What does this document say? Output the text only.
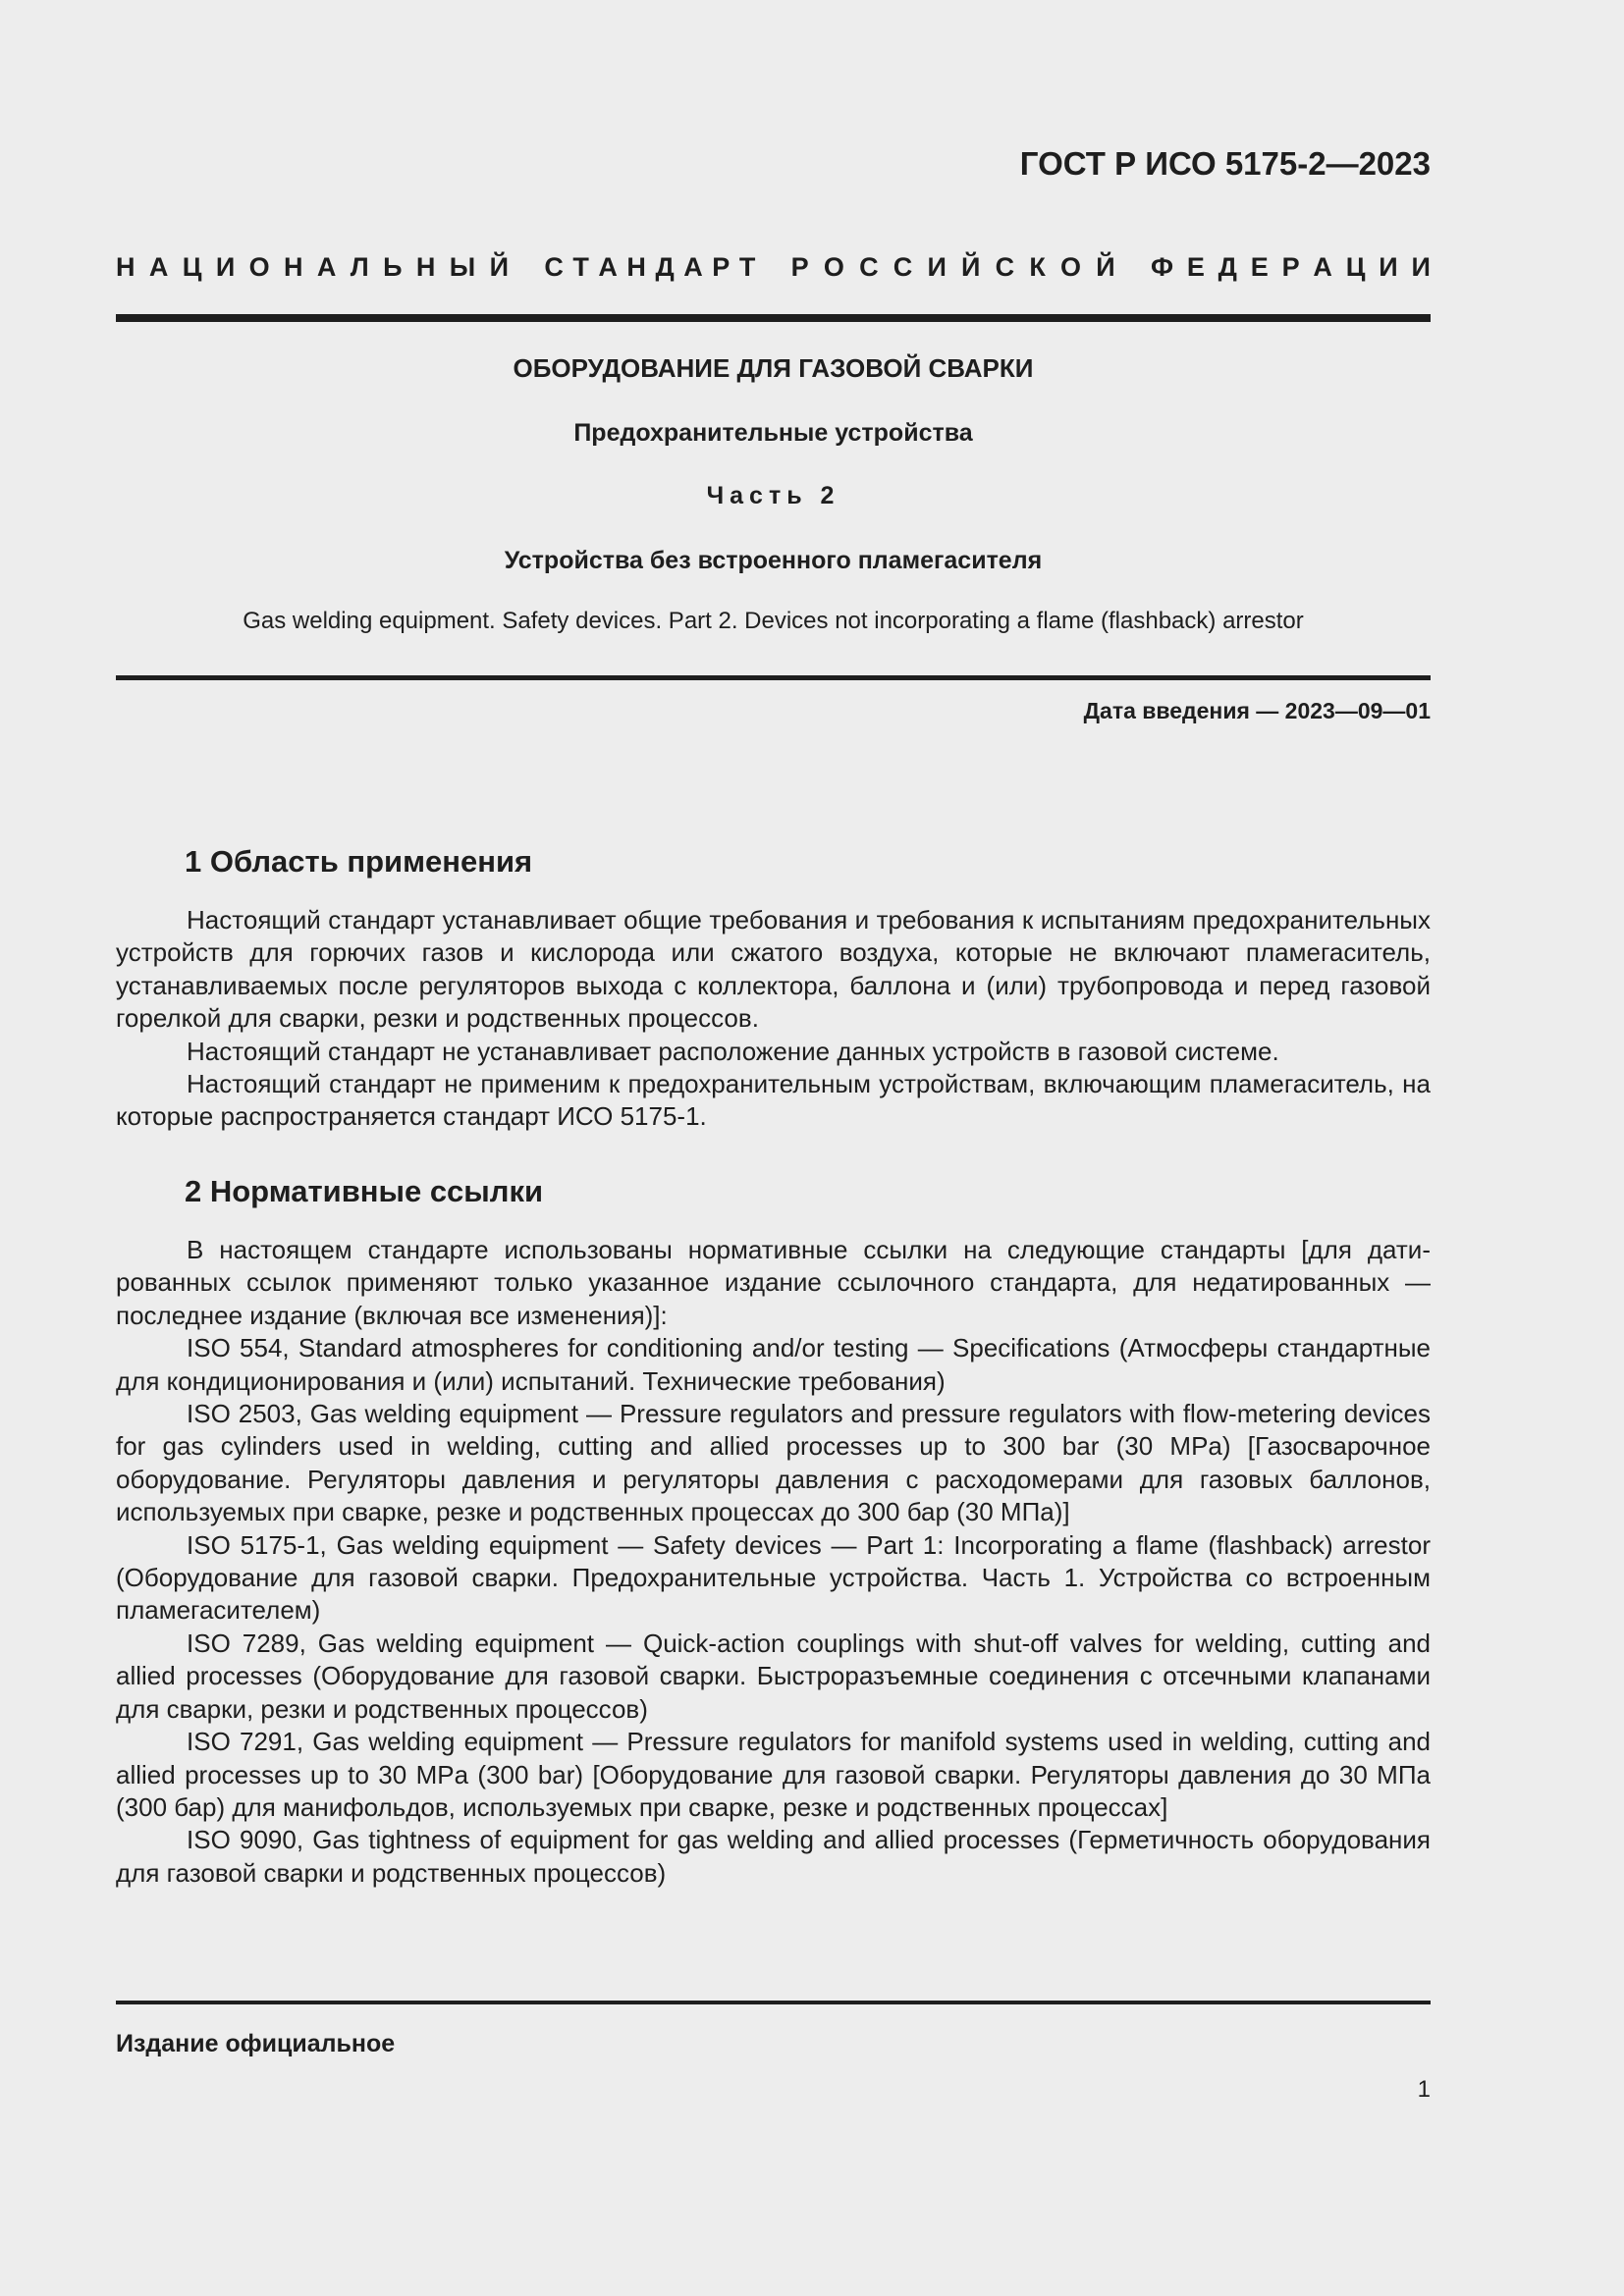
ГОСТ Р ИСО 5175-2—2023
Н А Ц И О Н А Л Ь Н Ы Й С Т А Н Д А Р Т Р О С С И Й С К О Й Ф Е Д Е Р А Ц И И
ОБОРУДОВАНИЕ ДЛЯ ГАЗОВОЙ СВАРКИ
Предохранительные устройства
Часть 2
Устройства без встроенного пламегасителя
Gas welding equipment. Safety devices. Part 2. Devices not incorporating a flame (flashback) arrestor
Дата введения — 2023—09—01
1 Область применения

Настоящий стандарт устанавливает общие требования и требования к испытаниям предохранительных устройств для горючих газов и кислорода или сжатого воздуха, которые не включают пламегаситель, устанавливаемых после регуляторов выхода с коллектора, баллона и (или) трубопровода и перед газовой горелкой для сварки, резки и родственных процессов.

Настоящий стандарт не устанавливает расположение данных устройств в газовой системе.

Настоящий стандарт не применим к предохранительным устройствам, включающим пламегаситель, на которые распространяется стандарт ИСО 5175-1.

2 Нормативные ссылки

В настоящем стандарте использованы нормативные ссылки на следующие стандарты [для датированных ссылок применяют только указанное издание ссылочного стандарта, для недатированных — последнее издание (включая все изменения)]:

ISO 554, Standard atmospheres for conditioning and/or testing — Specifications (Атмосферы стандартные для кондиционирования и (или) испытаний. Технические требования)

ISO 2503, Gas welding equipment — Pressure regulators and pressure regulators with flow-metering devices for gas cylinders used in welding, cutting and allied processes up to 300 bar (30 MPa) [Газосварочное оборудование. Регуляторы давления и регуляторы давления с расходомерами для газовых баллонов, используемых при сварке, резке и родственных процессах до 300 бар (30 МПа)]

ISO 5175-1, Gas welding equipment — Safety devices — Part 1: Incorporating a flame (flashback) arrestor (Оборудование для газовой сварки. Предохранительные устройства. Часть 1. Устройства со встроенным пламегасителем)

ISO 7289, Gas welding equipment — Quick-action couplings with shut-off valves for welding, cutting and allied processes (Оборудование для газовой сварки. Быстроразъемные соединения с отсечными клапанами для сварки, резки и родственных процессов)

ISO 7291, Gas welding equipment — Pressure regulators for manifold systems used in welding, cutting and allied processes up to 30 MPa (300 bar) [Оборудование для газовой сварки. Регуляторы давления до 30 МПа (300 бар) для манифольдов, используемых при сварке, резке и родственных процессах]

ISO 9090, Gas tightness of equipment for gas welding and allied processes (Герметичность оборудования для газовой сварки и родственных процессов)

Издание официальное
1
